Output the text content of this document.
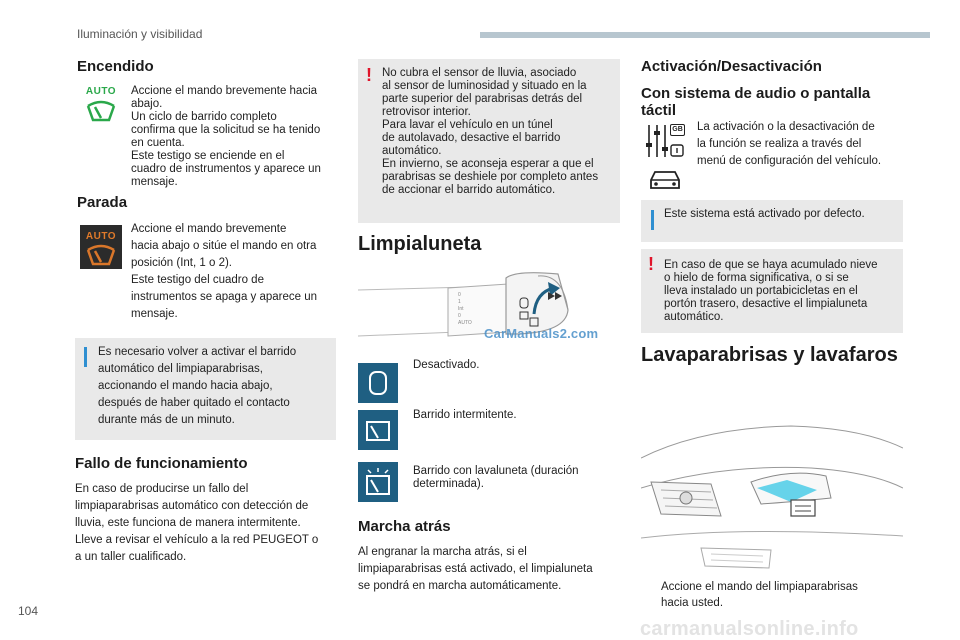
Iluminación y visibilidad
104
carmanualsonline.info
Encendido
AUTO	Accione el mando brevemente hacia
abajo.
Un ciclo de barrido completo
confirma que la solicitud se ha tenido
en cuenta.
Este testigo se enciende en el
cuadro de instrumentos y aparece un
mensaje.
Parada
AUTO
Accione el mando brevemente
hacia abajo o sitúe el mando en otra
posición (Int, 1 o 2).
Este testigo del cuadro de
instrumentos se apaga y aparece un
mensaje.
Es necesario volver a activar el barrido
automático del limpiaparabrisas,
accionando el mando hacia abajo,
después de haber quitado el contacto
durante más de un minuto.
Fallo de funcionamiento
En caso de producirse un fallo del
limpiaparabrisas automático con detección de
lluvia, este funciona de manera intermitente.
Lleve a revisar el vehículo a la red PEUGEOT o
a un taller cualificado.
! No cubra el sensor de lluvia, asociado
al sensor de luminosidad y situado en la
parte superior del parabrisas detrás del
retrovisor interior.
Para lavar el vehículo en un túnel
de autolavado, desactive el barrido
automático.
En invierno, se aconseja esperar a que el
parabrisas se deshiele por completo antes
de accionar el barrido automático.
Limpialuneta
0
1
Int
0
AUTO
CarManuals2.com
Desactivado.
Barrido intermitente.
Barrido con lavaluneta (duración
determinada).
Marcha atrás
Al engranar la marcha atrás, si el
limpiaparabrisas está activado, el limpialuneta
se pondrá en marcha automáticamente.
Activación/Desactivación
Con sistema de audio o pantalla
táctil
GB La activación o la desactivación de
la función se realiza a través del
menú de configuración del vehículo.
Este sistema está activado por defecto.
! En caso de que se haya acumulado nieve
o hielo de forma significativa, o si se
lleva instalado un portabicicletas en el
portón trasero, desactive el limpialuneta
automático.
Lavaparabrisas y lavafaros
Accione el mando del limpiaparabrisas
hacia usted.
